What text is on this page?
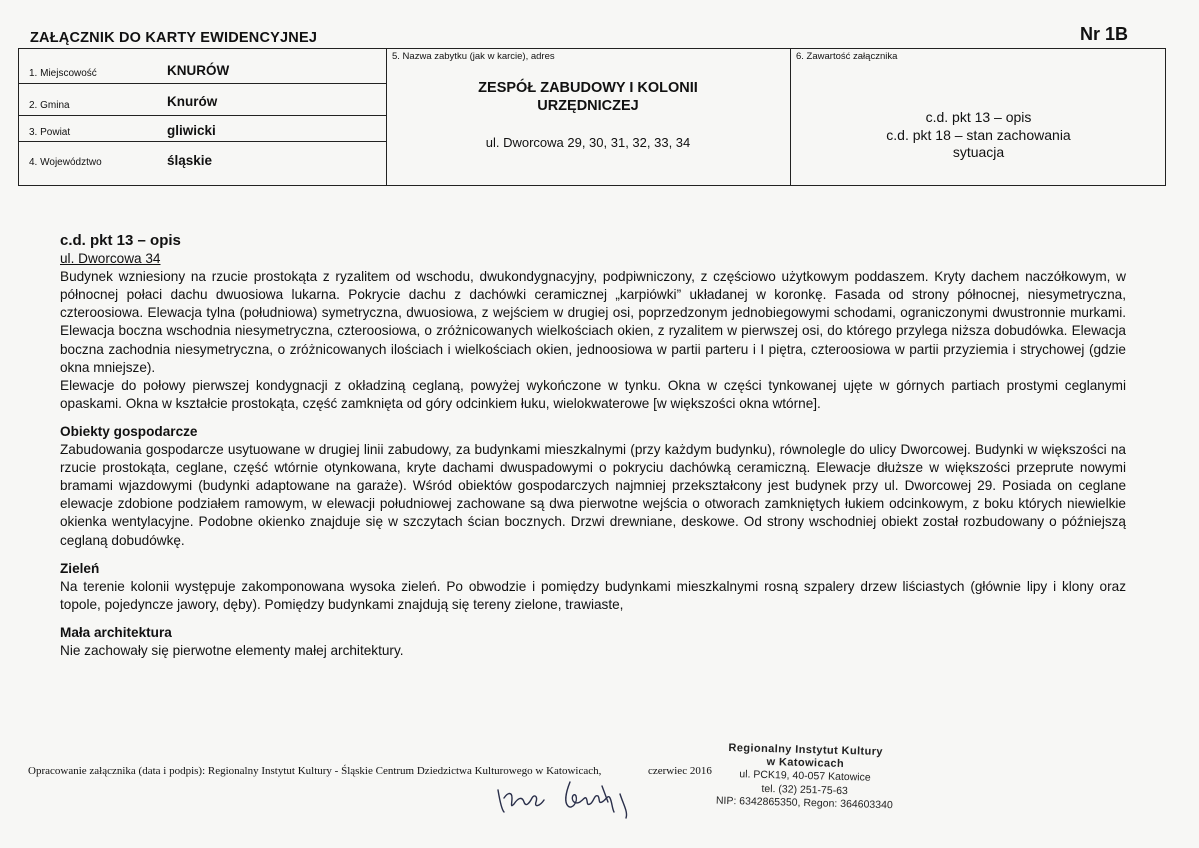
ZAŁĄCZNIK DO KARTY EWIDENCYJNEJ	Nr 1B
1. Miejscowość	KNURÓW
2. Gmina	Knurów
3. Powiat	gliwicki
4. Województwo	śląskie
5. Nazwa zabytku (jak w karcie), adres
ZESPÓŁ ZABUDOWY I KOLONII
URZĘDNICZEJ
ul. Dworcowa 29, 30, 31, 32, 33, 34
6. Zawartość załącznika
c.d. pkt 13 – opis
c.d. pkt 18 – stan zachowania
sytuacja

c.d. pkt 13 – opis

ul. Dworcowa 34

Budynek wzniesiony na rzucie prostokąta z ryzalitem od wschodu, dwukondygnacyjny, podpiwniczony, z częściowo użytkowym poddaszem. Kryty dachem naczółkowym, w północnej połaci dachu dwuosiowa lukarna. Pokrycie dachu z dachówki ceramicznej „karpiówki” układanej w koronkę. Fasada od strony północnej, niesymetryczna, czteroosiowa. Elewacja tylna (południowa) symetryczna, dwuosiowa, z wejściem w drugiej osi, poprzedzonym jednobiegowymi schodami, ograniczonymi dwustronnie murkami. Elewacja boczna wschodnia niesymetryczna, czteroosiowa, o zróżnicowanych wielkościach okien, z ryzalitem w pierwszej osi, do którego przylega niższa dobudówka. Elewacja boczna zachodnia niesymetryczna, o zróżnicowanych ilościach i wielkościach okien, jednoosiowa w partii parteru i I piętra, czteroosiowa w partii przyziemia i strychowej (gdzie okna mniejsze).

Elewacje do połowy pierwszej kondygnacji z okładziną ceglaną, powyżej wykończone w tynku. Okna w części tynkowanej ujęte w górnych partiach prostymi ceglanymi opaskami. Okna w kształcie prostokąta, część zamknięta od góry odcinkiem łuku, wielokwaterowe [w większości okna wtórne].

Obiekty gospodarcze

Zabudowania gospodarcze usytuowane w drugiej linii zabudowy, za budynkami mieszkalnymi (przy każdym budynku), równolegle do ulicy Dworcowej. Budynki w większości na rzucie prostokąta, ceglane, część wtórnie otynkowana, kryte dachami dwuspadowymi o pokryciu dachówką ceramiczną. Elewacje dłuższe w większości przeprute nowymi bramami wjazdowymi (budynki adaptowane na garaże). Wśród obiektów gospodarczych najmniej przekształcony jest budynek przy ul. Dworcowej 29. Posiada on ceglane elewacje zdobione podziałem ramowym, w elewacji południowej zachowane są dwa pierwotne wejścia o otworach zamkniętych łukiem odcinkowym, z boku których niewielkie okienka wentylacyjne. Podobne okienko znajduje się w szczytach ścian bocznych. Drzwi drewniane, deskowe. Od strony wschodniej obiekt został rozbudowany o późniejszą ceglaną dobudówkę.

Zieleń

Na terenie kolonii występuje zakomponowana wysoka zieleń. Po obwodzie i pomiędzy budynkami mieszkalnymi rosną szpalery drzew liściastych (głównie lipy i klony oraz topole, pojedyncze jawory, dęby). Pomiędzy budynkami znajdują się tereny zielone, trawiaste,

Mała architektura

Nie zachowały się pierwotne elementy małej architektury.

Opracowanie załącznika (data i podpis): Regionalny Instytut Kultury - Śląskie Centrum Dziedzictwa Kulturowego w Katowicach,	czerwiec 2016
Regionalny Instytut Kultury
w Katowicach
ul. PCK19, 40-057 Katowice
tel. (32) 251-75-63
NIP: 6342865350, Regon: 364603340
